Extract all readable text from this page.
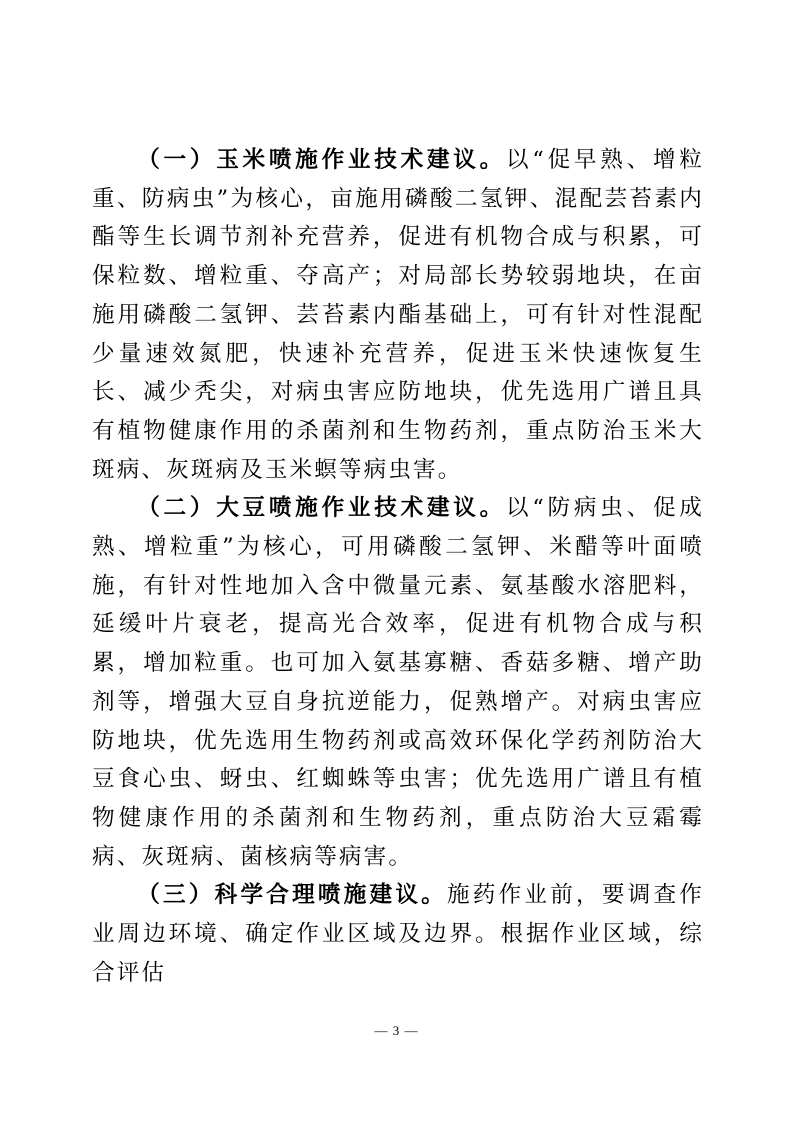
（一）玉米喷施作业技术建议。以“促早熟、增粒重、防病虫”为核心，亩施用磷酸二氢钾、混配芸苔素内酯等生长调节剂补充营养，促进有机物合成与积累，可保粒数、增粒重、夺高产；对局部长势较弱地块，在亩施用磷酸二氢钾、芸苔素内酯基础上，可有针对性混配少量速效氮肥，快速补充营养，促进玉米快速恢复生长、减少秃尖，对病虫害应防地块，优先选用广谱且具有植物健康作用的杀菌剂和生物药剂，重点防治玉米大斑病、灰斑病及玉米螟等病虫害。

（二）大豆喷施作业技术建议。以“防病虫、促成熟、增粒重”为核心，可用磷酸二氢钾、米醋等叶面喷施，有针对性地加入含中微量元素、氨基酸水溶肥料，延缓叶片衰老，提高光合效率，促进有机物合成与积累，增加粒重。也可加入氨基寡糖、香菇多糖、增产助剂等，增强大豆自身抗逆能力，促熟增产。对病虫害应防地块，优先选用生物药剂或高效环保化学药剂防治大豆食心虫、蚜虫、红蜘蛛等虫害；优先选用广谱且有植物健康作用的杀菌剂和生物药剂，重点防治大豆霜霉病、灰斑病、菌核病等病害。

（三）科学合理喷施建议。施药作业前，要调查作业周边环境、确定作业区域及边界。根据作业区域，综合评估

— 3 —
